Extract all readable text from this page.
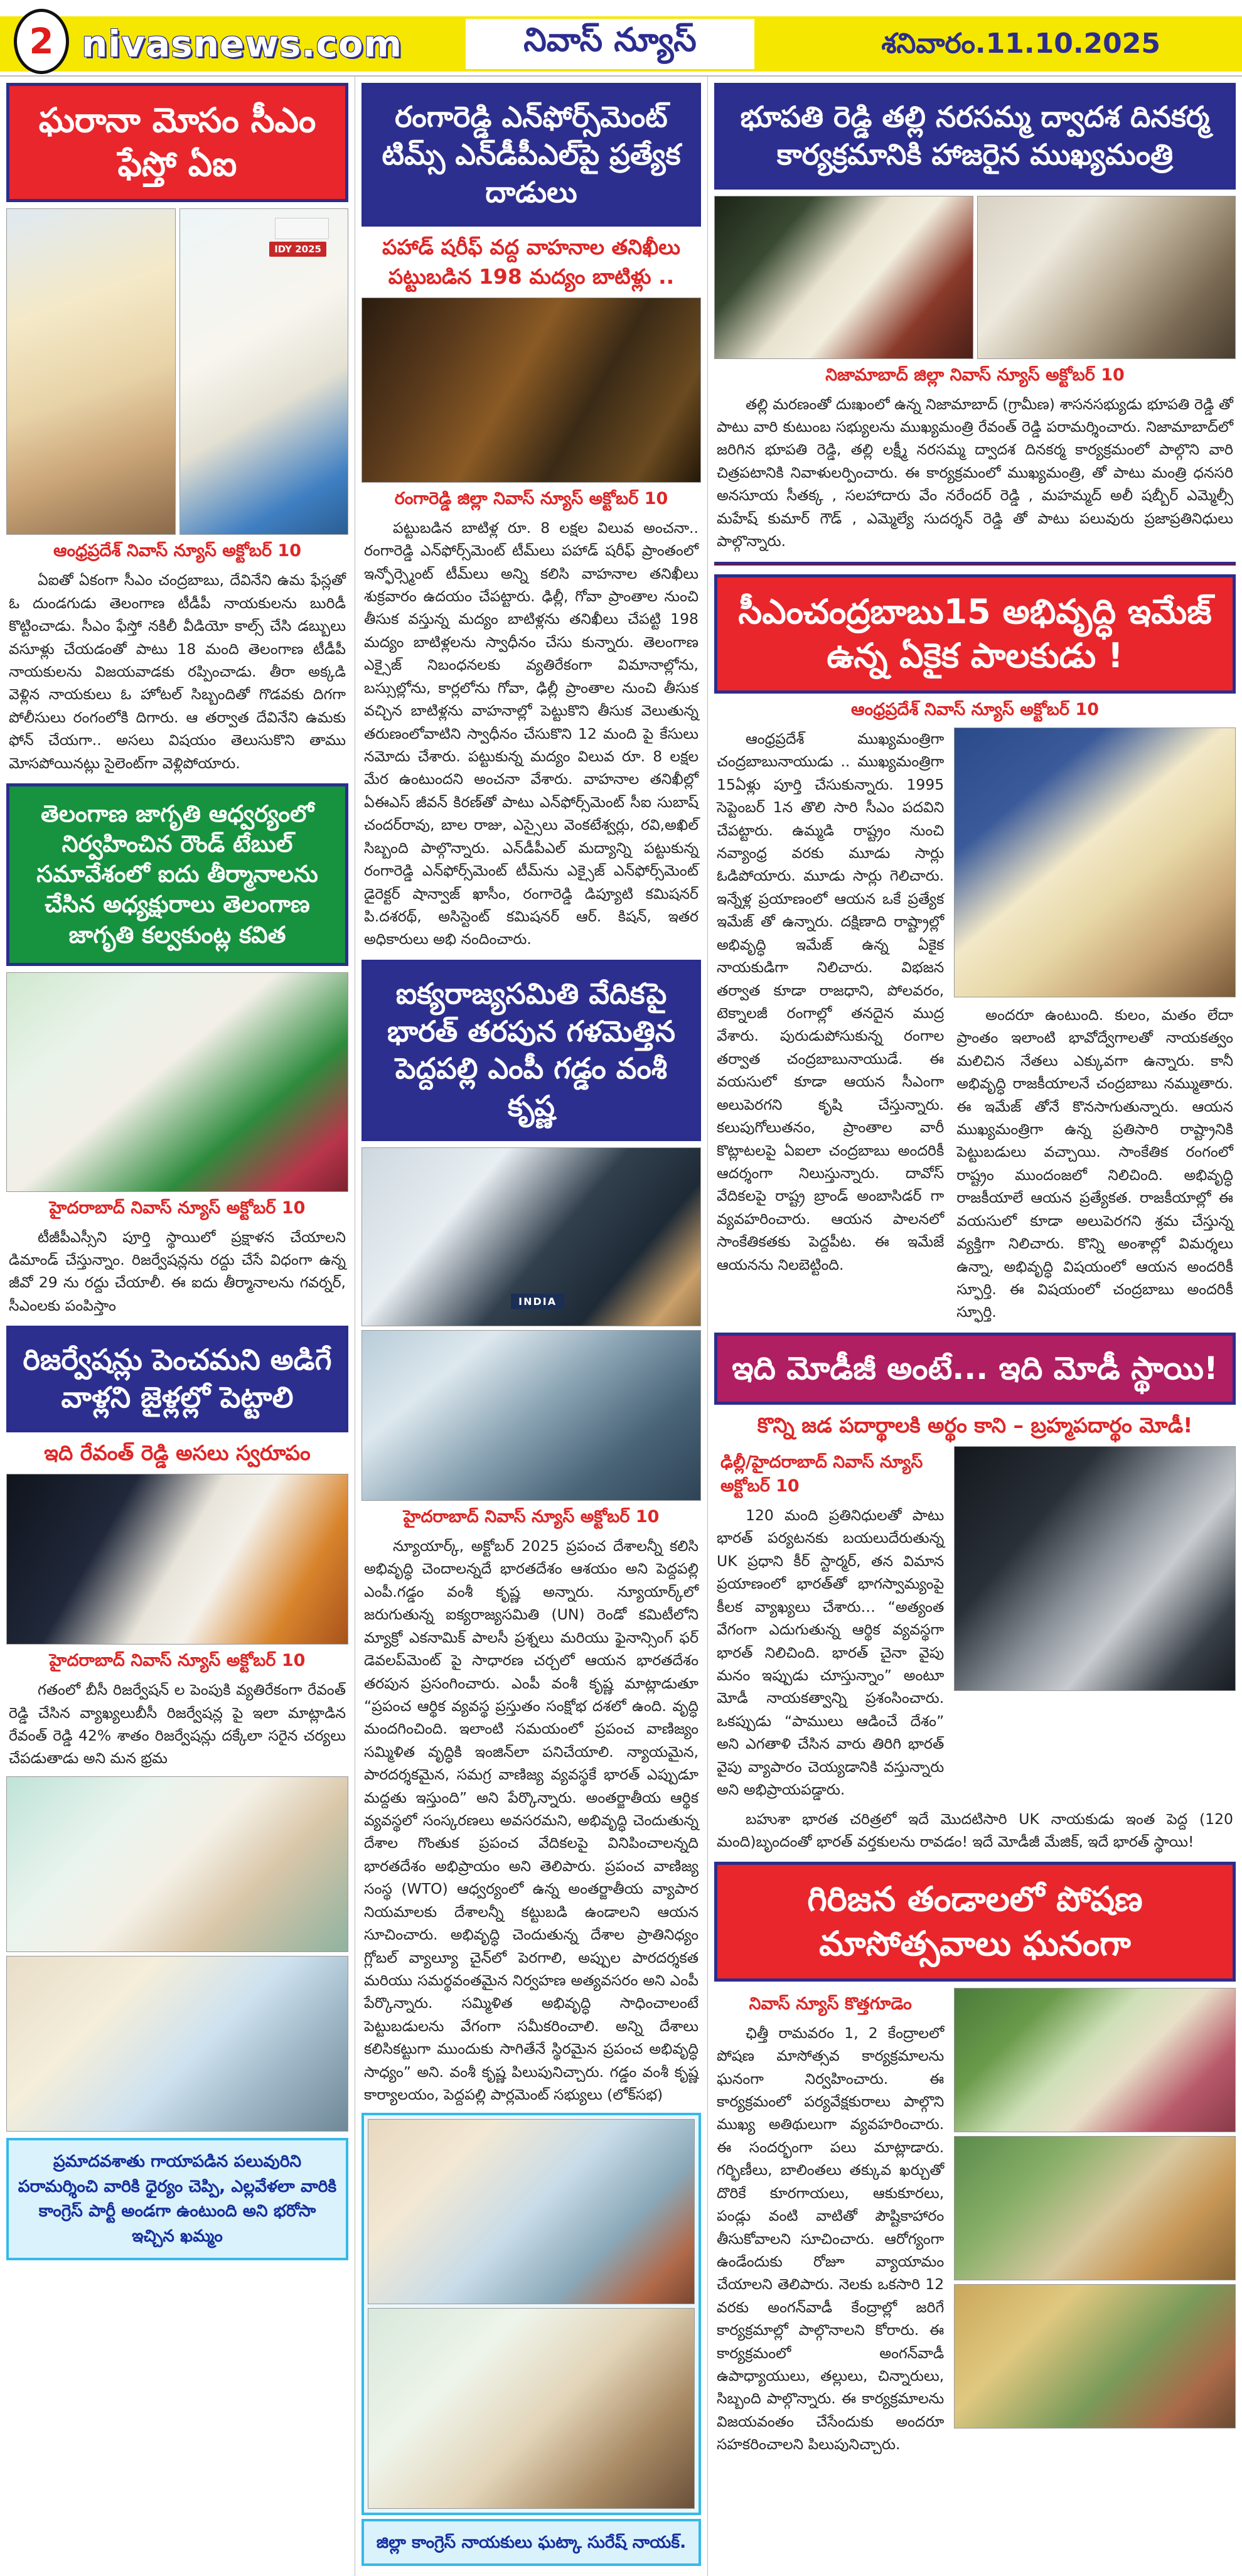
2 nivasnews.com	నివాస్ న్యూస్	శనివారం.11.10.2025
ఘరానా మోసం సీఎం ఫేస్తో ఏఐ
IDY 2025
ఆంధ్రప్రదేశ్ నివాస్ న్యూస్ అక్టోబర్ 10
ఏఐతో ఏకంగా సీఎం చంద్రబాబు, దేవినేని ఉమ ఫేస్లతో ఓ దుండగుడు తెలంగాణ టీడీపీ నాయకులను బురిడీ కొట్టించాడు. సీఎం ఫేస్తో నకిలీ వీడియో కాల్స్ చేసి డబ్బులు వసూళ్లు చేయడంతో పాటు 18 మంది తెలంగాణ టీడీపీ నాయకులను విజయవాడకు రప్పించాడు. తీరా అక్కడి వెళ్లిన నాయకులు ఓ హోటల్ సిబ్బందితో గొడవకు దిగగా పోలీసులు రంగంలోకి దిగారు. ఆ తర్వాత దేవినేని ఉమకు ఫోన్ చేయగా.. అసలు విషయం తెలుసుకొని తాము మోసపోయినట్లు సైలెంట్‌గా వెళ్లిపోయారు.
తెలంగాణ జాగృతి ఆధ్వర్యంలో నిర్వహించిన రౌండ్ టేబుల్ సమావేశంలో ఐదు తీర్మానాలను చేసిన అధ్యక్షురాలు తెలంగాణ జాగృతి కల్వకుంట్ల కవిత
హైదరాబాద్ నివాస్ న్యూస్ అక్టోబర్ 10
టీజీపీఎస్సీని పూర్తి స్థాయిలో ప్రక్షాళన చేయాలని డిమాండ్ చేస్తున్నాం. రిజర్వేషన్లను రద్దు చేసే విధంగా ఉన్న జీవో 29 ను రద్దు చేయాలీ. ఈ ఐదు తీర్మానాలను గవర్నర్, సీఎంలకు పంపిస్తాం
రిజర్వేషన్లు పెంచమని అడిగే వాళ్లని జైళ్లల్లో పెట్టాలి
ఇది రేవంత్ రెడ్డి అసలు స్వరూపం
హైదరాబాద్ నివాస్ న్యూస్ అక్టోబర్ 10
గతంలో బీసీ రిజర్వేషన్ ల పెంపుకి వ్యతిరేకంగా రేవంత్ రెడ్డి చేసిన వ్యాఖ్యలుబీసీ రిజర్వేషన్ల పై ఇలా మాట్లాడిన రేవంత్ రెడ్డి 42% శాతం రిజర్వేషన్లు దక్కేలా సరైన చర్యలు చేపడుతాడు అని మన భ్రమ
ప్రమాదవశాతు గాయాపడిన పలువురిని పరామర్శించి వారికి ధైర్యం చెప్పి, ఎల్లవేళలా వారికి కాంగ్రెస్ పార్టీ అండగా ఉంటుంది అని భరోసా ఇచ్చిన ఖమ్మం
రంగారెడ్డి ఎన్‌ఫోర్స్‌మెంట్ టిమ్స్ ఎన్‌డీపీఎల్‌పై ప్రత్యేక దాడులు
పహాడ్ షరీఫ్ వద్ద వాహనాల తనిఖీలు పట్టుబడిన 198 మద్యం బాటిళ్లు ..
రంగారెడ్డి జిల్లా నివాస్ న్యూస్ అక్టోబర్ 10
పట్టుబడిన బాటిళ్ల రూ. 8 లక్షల విలువ అంచనా.. రంగారెడ్డి ఎన్‌ఫోర్స్‌మెంట్ టీమ్‌లు పహాడ్ షరీఫ్ ప్రాంతంలో ఇన్ఫోర్స్మెంట్ టీమ్‌లు అన్ని కలిసి వాహనాల తనిఖీలు శుక్రవారం ఉదయం చేపట్టారు. ఢిల్లీ, గోవా ప్రాంతాల నుంచి తీసుక వస్తున్న మద్యం బాటిళ్లను తనిఖీలు చేపట్టి 198 మద్యం బాటిళ్లలను స్వాధీనం చేసు కున్నారు. తెలంగాణ ఎక్సైజ్ నిబంధనలకు వ్యతిరేకంగా విమానాల్లోను, బస్సుల్లోను, కార్లలోను గోవా, ఢిల్లీ ప్రాంతాల నుంచి తీసుక వచ్చిన బాటిళ్లను వాహనాల్లో పెట్టుకొని తీసుక వెలుతున్న తరుణంలోవాటిని స్వాధీనం చేసుకొని 12 మంది పై కేసులు నమోదు చేశారు. పట్టుకున్న మద్యం విలువ రూ. 8 లక్షల మేర ఉంటుందని అంచనా వేశారు. వాహనాల తనిఖీల్లో ఏఈఎస్ జీవన్ కిరణ్‌తో పాటు ఎన్‌ఫోర్స్‌మెంట్ సీఐ సుబాష్ చందర్‌రావు, బాల రాజు, ఎస్సైలు వెంకటేశ్వర్లు, రవి,అఖిల్ సిబ్బంది పాల్గొన్నారు. ఎన్‌డీపీఎల్ మద్యాన్ని పట్టుకున్న రంగారెడ్డి ఎన్‌ఫోర్స్‌మెంట్ టీమ్‌ను ఎక్సైజ్ ఎన్‌ఫోర్స్‌మెంట్ డైరెక్టర్ షాన్వాజ్ ఖాసీం, రంగారెడ్డి డిప్యూటి కమిషనర్ పి.దశరథ్, అసిస్టెంట్ కమిషనర్ ఆర్. కిషన్, ఇతర అధికారులు అభి నందించారు.
ఐక్యరాజ్యసమితి వేదికపై భారత్ తరపున గళమెత్తిన పెద్దపల్లి ఎంపీ గడ్డం వంశీ కృష్ణ
INDIA
హైదరాబాద్ నివాస్ న్యూస్ అక్టోబర్ 10
న్యూయార్క్, అక్టోబర్ 2025 ప్రపంచ దేశాలన్నీ కలిసి అభివృద్ధి చెందాలన్నదే భారతదేశం ఆశయం అని పెద్దపల్లి ఎంపీ.గడ్డం వంశీ కృష్ణ అన్నారు. న్యూయార్క్‌లో జరుగుతున్న ఐక్యరాజ్యసమితి (UN) రెండో కమిటీలోని మ్యాక్రో ఎకనామిక్ పాలసీ ప్రశ్నలు మరియు ఫైనాన్సింగ్ ఫర్ డెవలప్‌మెంట్ పై సాధారణ చర్చలో ఆయన భారతదేశం తరపున ప్రసంగించారు. ఎంపీ వంశీ కృష్ణ మాట్లాడుతూ “ప్రపంచ ఆర్థిక వ్యవస్థ ప్రస్తుతం సంక్షోభ దశలో ఉంది. వృద్ధి మందగించింది. ఇలాంటి సమయంలో ప్రపంచ వాణిజ్యం సమ్మిళిత వృద్ధికి ఇంజిన్‌లా పనిచేయాలి. న్యాయమైన, పారదర్శకమైన, సమగ్ర వాణిజ్య వ్యవస్థకే భారత్ ఎప్పుడూ మద్దతు ఇస్తుంది” అని పేర్కొన్నారు. అంతర్జాతీయ ఆర్థిక వ్యవస్థలో సంస్కరణలు అవసరమని, అభివృద్ధి చెందుతున్న దేశాల గొంతుక ప్రపంచ వేదికలపై వినిపించాలన్నది భారతదేశం అభిప్రాయం అని తెలిపారు. ప్రపంచ వాణిజ్య సంస్థ (WTO) ఆధ్వర్యంలో ఉన్న అంతర్జాతీయ వ్యాపార నియమాలకు దేశాలన్నీ కట్టుబడి ఉండాలని ఆయన సూచించారు. అభివృద్ధి చెందుతున్న దేశాల ప్రాతినిధ్యం గ్లోబల్ వ్యాల్యూ చైన్‌లో పెరగాలి, అప్పుల పారదర్శకత మరియు సమర్థవంతమైన నిర్వహణ అత్యవసరం అని ఎంపీ పేర్కొన్నారు. సమ్మిళిత అభివృద్ధి సాధించాలంటే పెట్టుబడులను వేగంగా సమీకరించాలి. అన్ని దేశాలు కలిసికట్టుగా ముందుకు సాగితేనే స్థిరమైన ప్రపంచ అభివృద్ధి సాధ్యం” అని. వంశీ కృష్ణ పిలుపునిచ్చారు. గడ్డం వంశీ కృష్ణ కార్యాలయం, పెద్దపల్లి పార్లమెంట్ సభ్యులు (లోక్‌సభ)
జిల్లా కాంగ్రెస్ నాయకులు ఘట్కా సురేష్ నాయక్.
భూపతి రెడ్డి తల్లి నరసమ్మ ద్వాదశ దినకర్మ కార్యక్రమానికి హాజరైన ముఖ్యమంత్రి
నిజామాబాద్ జిల్లా నివాస్ న్యూస్ అక్టోబర్ 10
తల్లి మరణంతో దుఃఖంలో ఉన్న నిజామాబాద్ (గ్రామీణ) శాసనసభ్యుడు భూపతి రెడ్డి తో పాటు వారి కుటుంబ సభ్యులను ముఖ్యమంత్రి రేవంత్ రెడ్డి పరామర్శించారు. నిజామాబాద్‌లో జరిగిన భూపతి రెడ్డి, తల్లి లక్ష్మీ నరసమ్మ ద్వాదశ దినకర్మ కార్యక్రమంలో పాల్గొని వారి చిత్రపటానికి నివాళులర్పించారు. ఈ కార్యక్రమంలో ముఖ్యమంత్రి, తో పాటు మంత్రి ధనసరి అనసూయ సీతక్క , సలహాదారు వేం నరేందర్ రెడ్డి , మహమ్మద్ అలీ షబ్బీర్ ఎమ్మెల్సీ మహేష్ కుమార్ గౌడ్ , ఎమ్మెల్యే సుదర్శన్ రెడ్డి తో పాటు పలువురు ప్రజాప్రతినిధులు పాల్గొన్నారు.
సీఎంచంద్రబాబు15 అభివృద్ధి ఇమేజ్ ఉన్న ఏకైక పాలకుడు !
ఆంధ్రప్రదేశ్ నివాస్ న్యూస్ అక్టోబర్ 10
ఆంధ్రప్రదేశ్ ముఖ్యమంత్రిగా చంద్రబాబునాయుడు .. ముఖ్యమంత్రిగా 15ఏళ్లు పూర్తి చేసుకున్నారు. 1995 సెప్టెంబర్ 1న తొలి సారి సీఎం పదవిని చేపట్టారు. ఉమ్మడి రాష్ట్రం నుంచి నవ్యాంధ్ర వరకు మూడు సార్లు ఓడిపోయారు. మూడు సార్లు గెలిచారు. ఇన్నేళ్ల ప్రయాణంలో ఆయన ఒకే ప్రత్యేక ఇమేజ్ తో ఉన్నారు. దక్షిణాది రాష్ట్రాల్లో అభివృద్ధి ఇమేజ్ ఉన్న ఏకైక నాయకుడిగా నిలిచారు. విభజన తర్వాత కూడా రాజధాని, పోలవరం, టెక్నాలజీ రంగాల్లో తనదైన ముద్ర వేశారు. పురుడుపోసుకున్న రంగాల తర్వాత చంద్రబాబునాయుడే. ఈ వయసులో కూడా ఆయన సీఎంగా అలుపెరగని కృషి చేస్తున్నారు. కలుపుగోలుతనం, ప్రాంతాల వారీ కొట్లాటలపై ఏఐలా చంద్రబాబు అందరికీ ఆదర్శంగా నిలుస్తున్నారు. దావోస్ వేదికలపై రాష్ట్ర బ్రాండ్ అంబాసిడర్ గా వ్యవహరించారు. ఆయన పాలనలో సాంకేతికతకు పెద్దపీట. ఈ ఇమేజే ఆయనను నిలబెట్టింది.
అందరూ ఉంటుంది. కులం, మతం లేదా ప్రాంతం ఇలాంటి భావోద్వేగాలతో నాయకత్వం మలిచిన నేతలు ఎక్కువగా ఉన్నారు. కానీ అభివృద్ధి రాజకీయాలనే చంద్రబాబు నమ్ముతారు. ఈ ఇమేజ్ తోనే కొనసాగుతున్నారు. ఆయన ముఖ్యమంత్రిగా ఉన్న ప్రతిసారి రాష్ట్రానికి పెట్టుబడులు వచ్చాయి. సాంకేతిక రంగంలో రాష్ట్రం ముందంజలో నిలిచింది. అభివృద్ధి రాజకీయాలే ఆయన ప్రత్యేకత. రాజకీయాల్లో ఈ వయసులో కూడా అలుపెరగని శ్రమ చేస్తున్న వ్యక్తిగా నిలిచారు. కొన్ని అంశాల్లో విమర్శలు ఉన్నా, అభివృద్ధి విషయంలో ఆయన అందరికీ స్ఫూర్తి. ఈ విషయంలో చంద్రబాబు అందరికీ స్ఫూర్తి.
ఇది మోడీజీ అంటే... ఇది మోడీ స్థాయి!
కొన్ని జడ పదార్థాలకి అర్థం కాని – బ్రహ్మపదార్థం మోడీ!
ఢిల్లీ/హైదరాబాద్ నివాస్ న్యూస్ అక్టోబర్ 10
120 మంది ప్రతినిధులతో పాటు భారత్ పర్యటనకు బయలుదేరుతున్న UK ప్రధాని కీర్ స్టార్మర్, తన విమాన ప్రయాణంలో భారత్‌తో భాగస్వామ్యంపై కీలక వ్యాఖ్యలు చేశారు… “అత్యంత వేగంగా ఎదుగుతున్న ఆర్థిక వ్యవస్థగా భారత్ నిలిచింది. భారత్ చైనా వైపు మనం ఇప్పుడు చూస్తున్నాం” అంటూ మోడీ నాయకత్వాన్ని ప్రశంసించారు. ఒకప్పుడు “పాములు ఆడించే దేశం” అని ఎగతాళి చేసిన వారు తిరిగి భారత్ వైపు వ్యాపారం చెయ్యడానికి వస్తున్నారు అని అభిప్రాయపడ్డారు.
బహుశా భారత చరిత్రలో ఇదే మొదటిసారి UK నాయకుడు ఇంత పెద్ద (120 మంది)బృందంతో భారత్ వర్తకులను రావడం! ఇదే మోడీజీ మేజిక్, ఇదే భారత్ స్థాయి!
గిరిజన తండాలలో పోషణ మాసోత్సవాలు ఘనంగా
నివాస్ న్యూస్ కొత్తగూడెం
ఛిత్తీ రామవరం 1, 2 కేంద్రాలలో పోషణ మాసోత్సవ కార్యక్రమాలను ఘనంగా నిర్వహించారు. ఈ కార్యక్రమంలో పర్యవేక్షకురాలు పాల్గొని ముఖ్య అతిథులుగా వ్యవహరించారు. ఈ సందర్భంగా పలు మాట్లాడారు. గర్భిణీలు, బాలింతలు తక్కువ ఖర్చుతో దొరికే కూరగాయలు, ఆకుకూరలు, పండ్లు వంటి వాటితో పౌష్టికాహారం తీసుకోవాలని సూచించారు. ఆరోగ్యంగా ఉండేందుకు రోజూ వ్యాయామం చేయాలని తెలిపారు. నెలకు ఒకసారి 12 వరకు అంగన్‌వాడీ కేంద్రాల్లో జరిగే కార్యక్రమాల్లో పాల్గొనాలని కోరారు. ఈ కార్యక్రమంలో అంగన్‌వాడీ ఉపాధ్యాయులు, తల్లులు, చిన్నారులు, సిబ్బంది పాల్గొన్నారు. ఈ కార్యక్రమాలను విజయవంతం చేసేందుకు అందరూ సహకరించాలని పిలుపునిచ్చారు.
